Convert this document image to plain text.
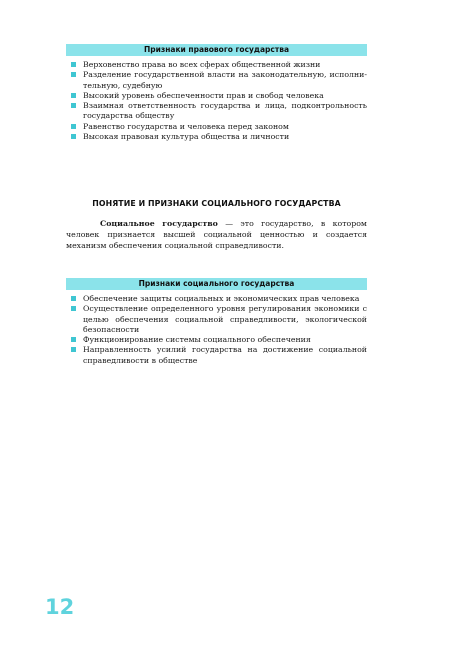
Признаки правового государства
Верховенство права во всех сферах общественной жизни
Разделение государственной власти на законодательную, исполни-тельную, судебную
Высокий уровень обеспеченности прав и свобод человека
Взаимная ответственность государства и лица, подконтрольность государства обществу
Равенство государства и человека перед законом
Высокая правовая культура общества и личности
ПОНЯТИЕ И ПРИЗНАКИ СОЦИАЛЬНОГО ГОСУДАРСТВА

Социальное государство — это государство, в котором человек признается высшей социальной ценностью и создается механизм обеспечения социальной справедливости.

Признаки социального государства
Обеспечение защиты социальных и экономических прав человека
Осуществление определенного уровня регулирования экономики с целью обеспечения социальной справедливости, экологической безопасности
Функционирование системы социального обеспечения
Направленность усилий государства на достижение социальной справедливости в обществе
12
